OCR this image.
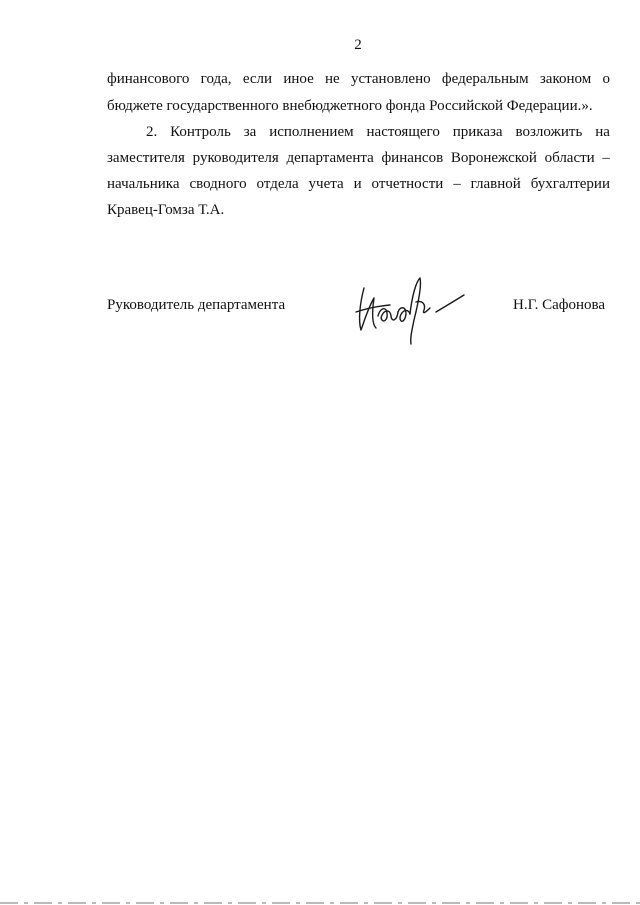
2
финансового года, если иное не установлено федеральным законом о
бюджете государственного внебюджетного фонда Российской Федерации.».
2. Контроль за исполнением настоящего приказа возложить на
заместителя руководителя департамента финансов Воронежской области –
начальника сводного отдела учета и отчетности – главной бухгалтерии
Кравец-Гомза Т.А.
Руководитель департамента	Н.Г. Сафонова
